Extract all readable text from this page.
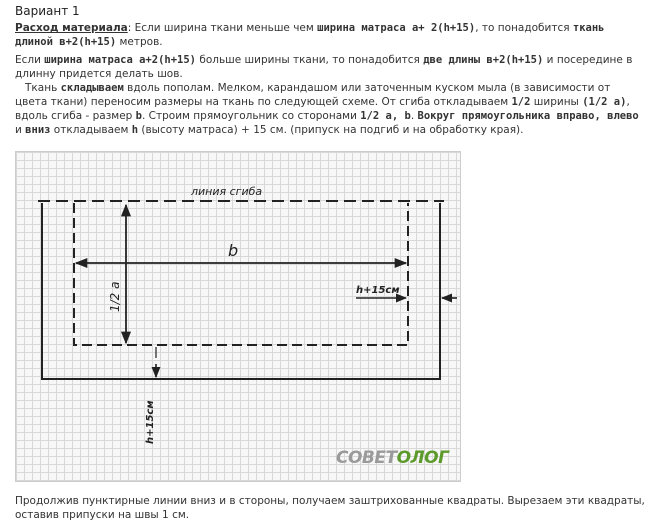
Вариант 1

Расход материала: Если ширина ткани меньше чем ширина матраса а+ 2(h+15), то понадобится ткань длиной в+2(h+15) метров.

Если ширина матраса а+2(h+15) больше ширины ткани, то понадобится две длины в+2(h+15) и посередине в длинну придется делать шов.

Ткань складываем вдоль пополам. Мелком, карандашом или заточенным куском мыла (в зависимости от цвета ткани) переносим размеры на ткань по следующей схеме. От сгиба откладываем 1/2 ширины (1/2 а), вдоль сгиба - размер b. Строим прямоугольник со сторонами 1/2 a, b. Вокруг прямоугольника вправо, влево и вниз откладываем h (высоту матраса) + 15 см. (припуск на подгиб и на обработку края).

линия сгиба
b
1/2 a	h+15см
h+15см
СОВЕТОЛОГ

Продолжив пунктирные линии вниз и в стороны, получаем заштрихованные квадраты. Вырезаем эти квадраты, оставив припуски на швы 1 см.
